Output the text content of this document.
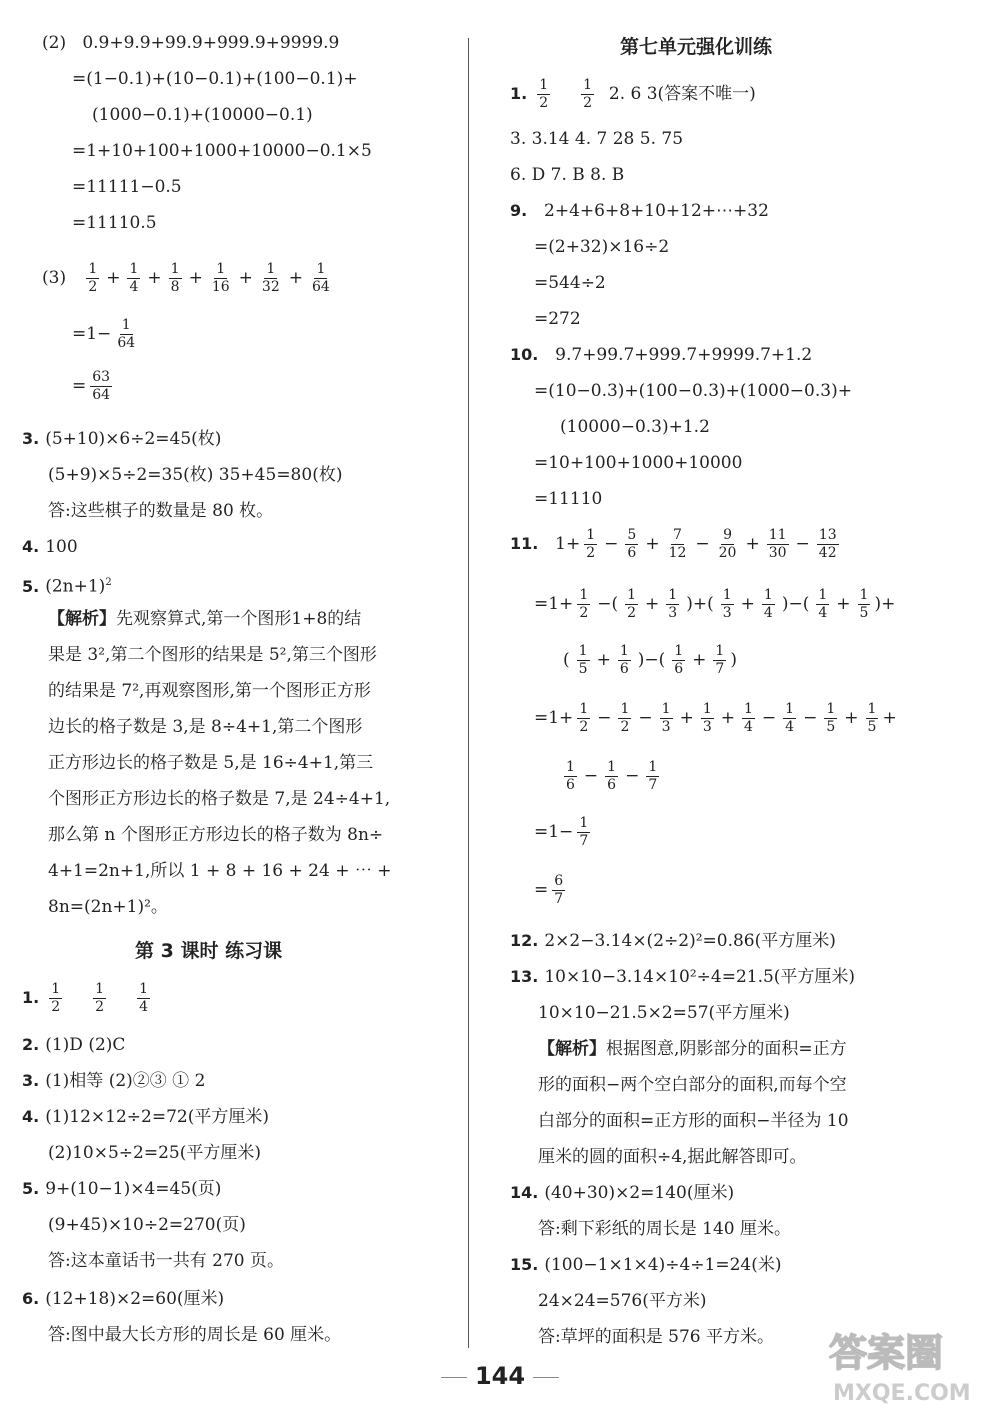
(2) 0.9+9.9+99.9+999.9+9999.9
=(1−0.1)+(10−0.1)+(100−0.1)+
(1000−0.1)+(10000−0.1)
=1+10+100+1000+10000−0.1×5
=11111−0.5
=11110.5
$(3) \frac{1}{2} + \frac{1}{4} + \frac{1}{8} + \frac{1}{16} + \frac{1}{32} + \frac{1}{64}$
$=1- \frac{1}{64}$
= $\frac{63}{64}$
3. (5+10)×6÷2=45(枚)
(5+9)×5÷2=35(枚) 35+45=80(枚)
答:这些棋子的数量是 80 枚。
4. 100
5. $(2n+1)^2$
【解析】先观察算式,第一个图形1+8的结
果是 3²,第二个图形的结果是 5²,第三个图形
的结果是 7²,再观察图形,第一个图形正方形
边长的格子数是 3,是 8÷4+1,第二个图形
正方形边长的格子数是 5,是 16÷4+1,第三
个图形正方形边长的格子数是 7,是 24÷4+1,
那么第 n 个图形正方形边长的格子数为 8n÷
4+1=2n+1,所以 1 + 8 + 16 + 24 + ⋯ +
8n=(2n+1)²。
第 3 课时 练习课
1. $\frac{1}{2}$
  $\frac{1}{2}$
  $\frac{1}{4}$
2. (1)D (2)C
3. (1)相等 (2)②③ ① 2
4. (1)12×12÷2=72(平方厘米)
(2)10×5÷2=25(平方厘米)
5. 9+(10−1)×4=45(页)
(9+45)×10÷2=270(页)
答:这本童话书一共有 270 页。
6. (12+18)×2=60(厘米)
答:图中最大长方形的周长是 60 厘米。
第七单元强化训练
1. $\frac{1}{2}$
  $\frac{1}{2} 2$. 6 3(答案不唯一)
3. 3.14 4. 7 28 5. 75
6. D 7. B 8. B
9. 2+4+6+8+10+12+⋯+32
=(2+32)×16÷2
=544÷2
=272
10. 9.7+99.7+999.7+9999.7+1.2
=(10−0.3)+(100−0.3)+(1000−0.3)+
(10000−0.3)+1.2
=10+100+1000+10000
=11110
11. $1+ \frac{1}{2} - \frac{5}{6} + \frac{7}{12} - \frac{9}{20} + \frac{11}{30} - \frac{13}{42}$
$=1+ \frac{1}{2}$ −( $\frac{1}{2} + \frac{1}{3}$ )+( $\frac{1}{3} + \frac{1}{4}$ )−( $\frac{1}{4} + \frac{1}{5}$ )+
( $\frac{1}{5} + \frac{1}{6}$ )−( $\frac{1}{6} + \frac{1}{7}$ )
$=1+ \frac{1}{2} - \frac{1}{2} - \frac{1}{3} + \frac{1}{3} + \frac{1}{4} - \frac{1}{4} - \frac{1}{5} + \frac{1}{5}$ +
$\frac{1}{6} - \frac{1}{6} - \frac{1}{7}$
$=1- \frac{1}{7}$
= $\frac{6}{7}$
12. 2×2−3.14×(2÷2)²=0.86(平方厘米)
13. 10×10−3.14×10²÷4=21.5(平方厘米)
10×10−21.5×2=57(平方厘米)
【解析】根据图意,阴影部分的面积=正方
形的面积−两个空白部分的面积,而每个空
白部分的面积=正方形的面积−半径为 10
厘米的圆的面积÷4,据此解答即可。
14. (40+30)×2=140(厘米)
答:剩下彩纸的周长是 140 厘米。
15. (100−1×1×4)÷4÷1=24(米)
24×24=576(平方米)
答:草坪的面积是 576 平方米。
144
答案圈
MXQE.COM
